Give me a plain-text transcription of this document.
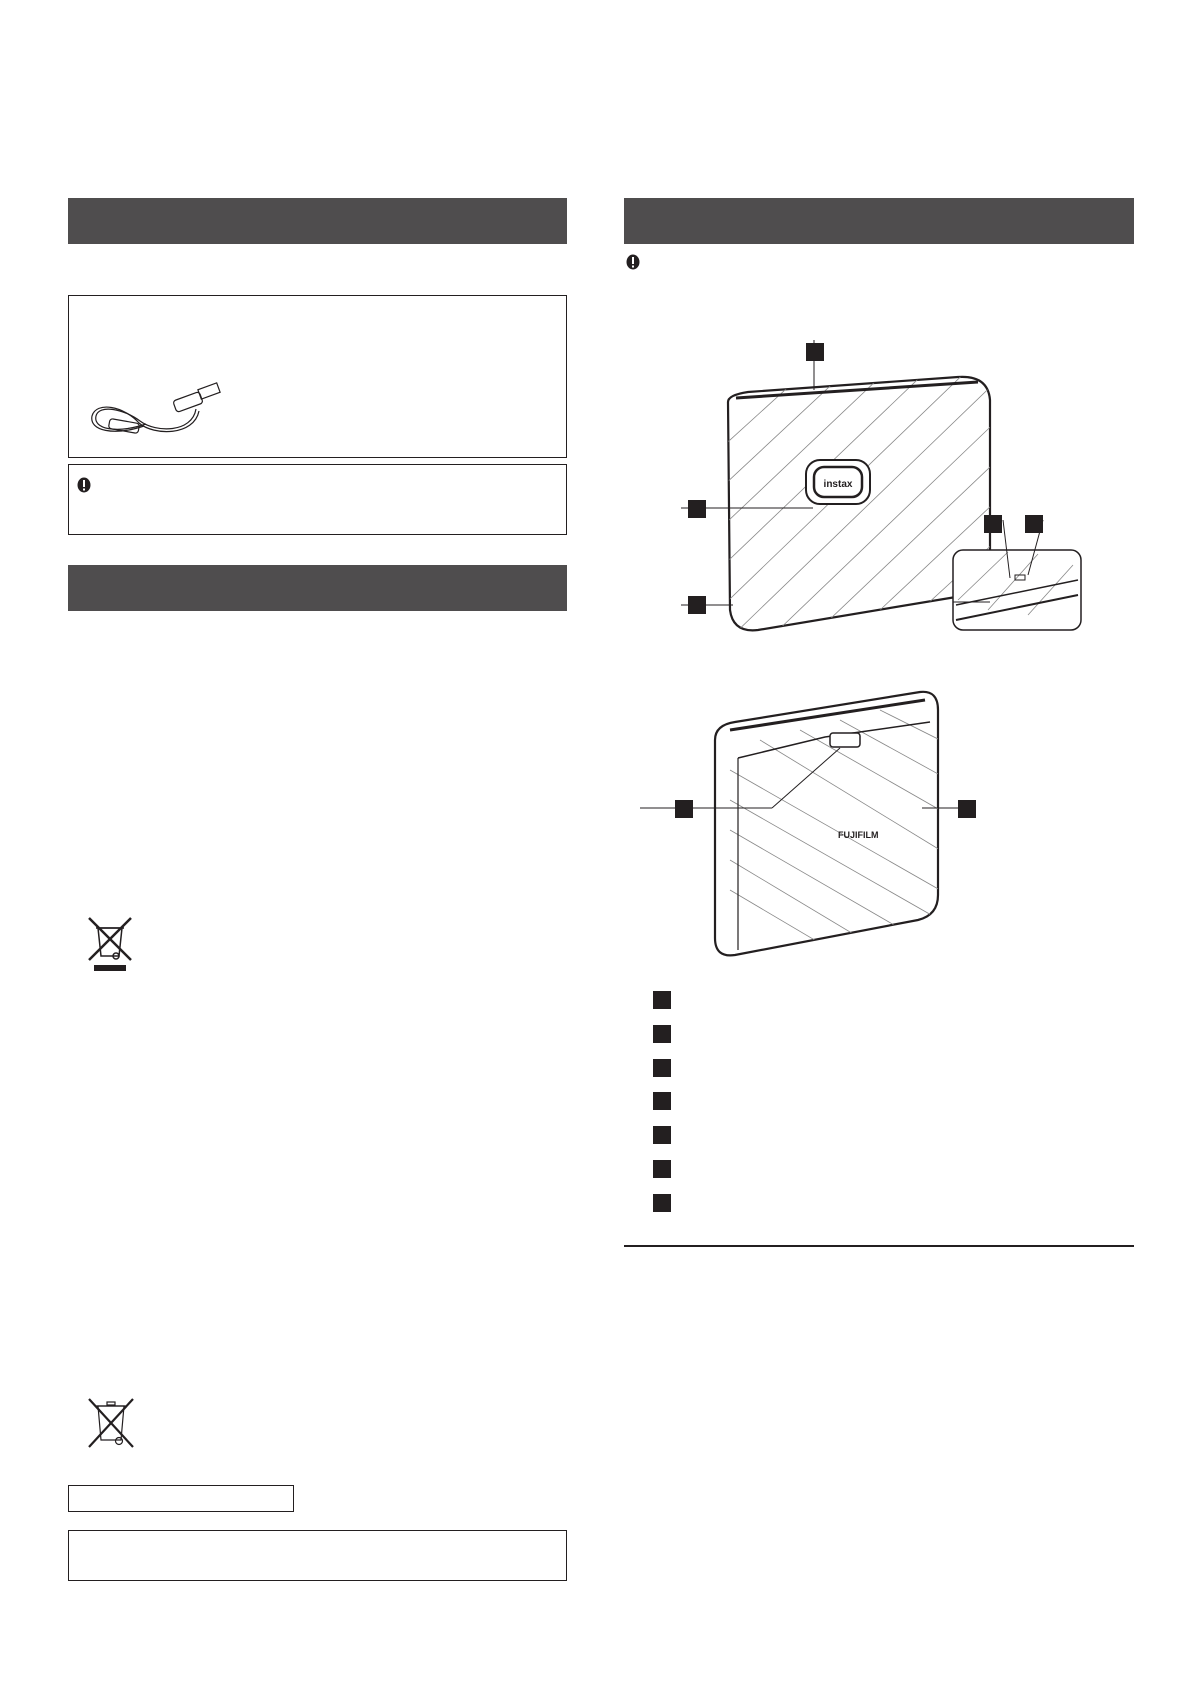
instax
FUJIFILM
